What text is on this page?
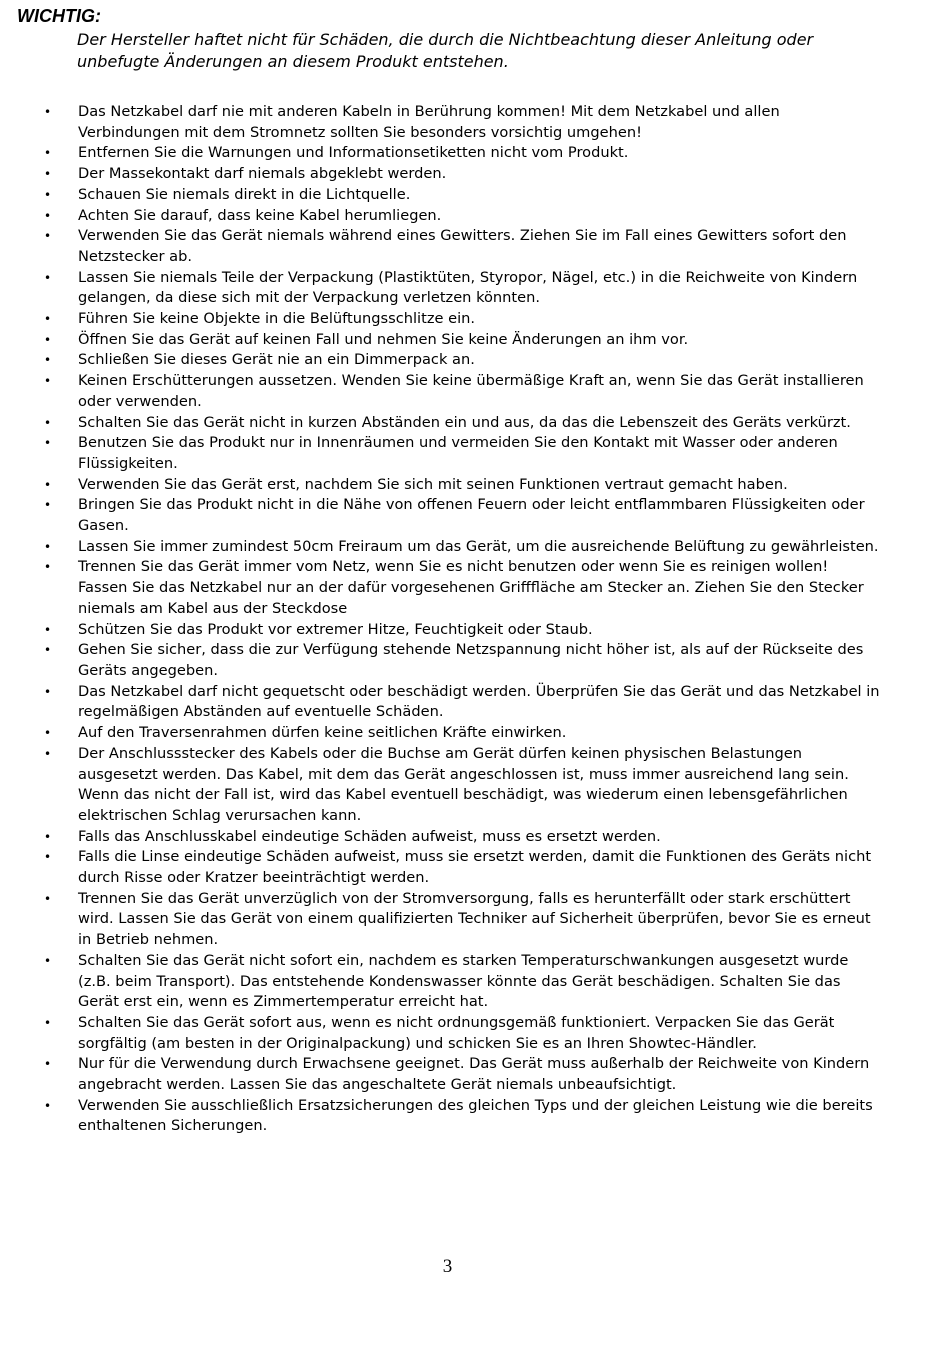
WICHTIG:

Der Hersteller haftet nicht für Schäden, die durch die Nichtbeachtung dieser Anleitung oder unbefugte Änderungen an diesem Produkt entstehen.

• Das Netzkabel darf nie mit anderen Kabeln in Berührung kommen! Mit dem Netzkabel und allen Verbindungen mit dem Stromnetz sollten Sie besonders vorsichtig umgehen!
• Entfernen Sie die Warnungen und Informationsetiketten nicht vom Produkt.
• Der Massekontakt darf niemals abgeklebt werden.
• Schauen Sie niemals direkt in die Lichtquelle.
• Achten Sie darauf, dass keine Kabel herumliegen.
• Verwenden Sie das Gerät niemals während eines Gewitters. Ziehen Sie im Fall eines Gewitters sofort den Netzstecker ab.
• Lassen Sie niemals Teile der Verpackung (Plastiktüten, Styropor, Nägel, etc.) in die Reichweite von Kindern gelangen, da diese sich mit der Verpackung verletzen könnten.
• Führen Sie keine Objekte in die Belüftungsschlitze ein.
• Öffnen Sie das Gerät auf keinen Fall und nehmen Sie keine Änderungen an ihm vor.
• Schließen Sie dieses Gerät nie an ein Dimmerpack an.
• Keinen Erschütterungen aussetzen. Wenden Sie keine übermäßige Kraft an, wenn Sie das Gerät installieren oder verwenden.
• Schalten Sie das Gerät nicht in kurzen Abständen ein und aus, da das die Lebenszeit des Geräts verkürzt.
• Benutzen Sie das Produkt nur in Innenräumen und vermeiden Sie den Kontakt mit Wasser oder anderen Flüssigkeiten.
• Verwenden Sie das Gerät erst, nachdem Sie sich mit seinen Funktionen vertraut gemacht haben.
• Bringen Sie das Produkt nicht in die Nähe von offenen Feuern oder leicht entflammbaren Flüssigkeiten oder Gasen.
• Lassen Sie immer zumindest 50cm Freiraum um das Gerät, um die ausreichende Belüftung zu gewährleisten.
• Trennen Sie das Gerät immer vom Netz, wenn Sie es nicht benutzen oder wenn Sie es reinigen wollen! Fassen Sie das Netzkabel nur an der dafür vorgesehenen Grifffläche am Stecker an. Ziehen Sie den Stecker niemals am Kabel aus der Steckdose
• Schützen Sie das Produkt vor extremer Hitze, Feuchtigkeit oder Staub.
• Gehen Sie sicher, dass die zur Verfügung stehende Netzspannung nicht höher ist, als auf der Rückseite des Geräts angegeben.
• Das Netzkabel darf nicht gequetscht oder beschädigt werden. Überprüfen Sie das Gerät und das Netzkabel in regelmäßigen Abständen auf eventuelle Schäden.
• Auf den Traversenrahmen dürfen keine seitlichen Kräfte einwirken.
• Der Anschlussstecker des Kabels oder die Buchse am Gerät dürfen keinen physischen Belastungen ausgesetzt werden. Das Kabel, mit dem das Gerät angeschlossen ist, muss immer ausreichend lang sein. Wenn das nicht der Fall ist, wird das Kabel eventuell beschädigt, was wiederum einen lebensgefährlichen elektrischen Schlag verursachen kann.
• Falls das Anschlusskabel eindeutige Schäden aufweist, muss es ersetzt werden.
• Falls die Linse eindeutige Schäden aufweist, muss sie ersetzt werden, damit die Funktionen des Geräts nicht durch Risse oder Kratzer beeinträchtigt werden.
• Trennen Sie das Gerät unverzüglich von der Stromversorgung, falls es herunterfällt oder stark erschüttert wird. Lassen Sie das Gerät von einem qualifizierten Techniker auf Sicherheit überprüfen, bevor Sie es erneut in Betrieb nehmen.
• Schalten Sie das Gerät nicht sofort ein, nachdem es starken Temperaturschwankungen ausgesetzt wurde (z.B. beim Transport). Das entstehende Kondenswasser könnte das Gerät beschädigen. Schalten Sie das Gerät erst ein, wenn es Zimmertemperatur erreicht hat.
• Schalten Sie das Gerät sofort aus, wenn es nicht ordnungsgemäß funktioniert. Verpacken Sie das Gerät sorgfältig (am besten in der Originalpackung) und schicken Sie es an Ihren Showtec-Händler.
• Nur für die Verwendung durch Erwachsene geeignet. Das Gerät muss außerhalb der Reichweite von Kindern angebracht werden. Lassen Sie das angeschaltete Gerät niemals unbeaufsichtigt.
• Verwenden Sie ausschließlich Ersatzsicherungen des gleichen Typs und der gleichen Leistung wie die bereits enthaltenen Sicherungen.
3
